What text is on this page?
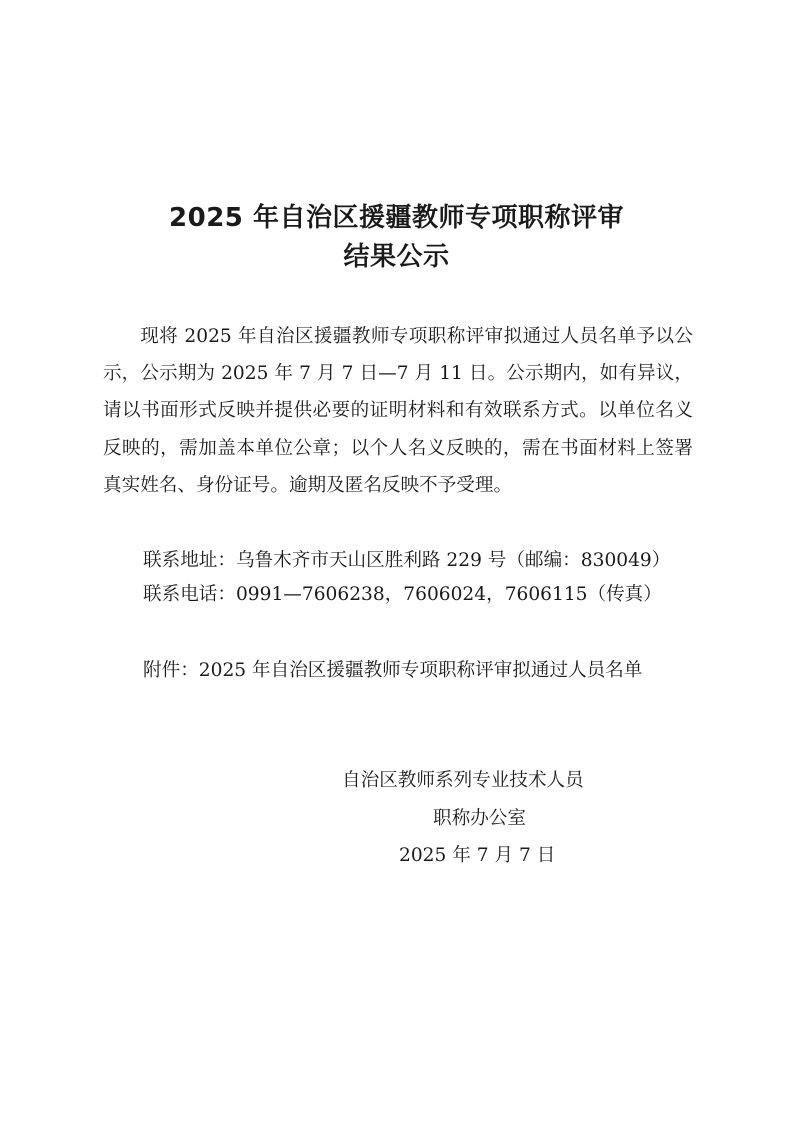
2025 年自治区援疆教师专项职称评审
结果公示

现将 2025 年自治区援疆教师专项职称评审拟通过人员名单予以公示，公示期为 2025 年 7 月 7 日—7 月 11 日。公示期内，如有异议，请以书面形式反映并提供必要的证明材料和有效联系方式。以单位名义反映的，需加盖本单位公章；以个人名义反映的，需在书面材料上签署真实姓名、身份证号。逾期及匿名反映不予受理。

联系地址：乌鲁木齐市天山区胜利路 229 号（邮编：830049）
联系电话：0991—7606238，7606024，7606115（传真）
附件：2025 年自治区援疆教师专项职称评审拟通过人员名单
自治区教师系列专业技术人员
职称办公室
2025 年 7 月 7 日
